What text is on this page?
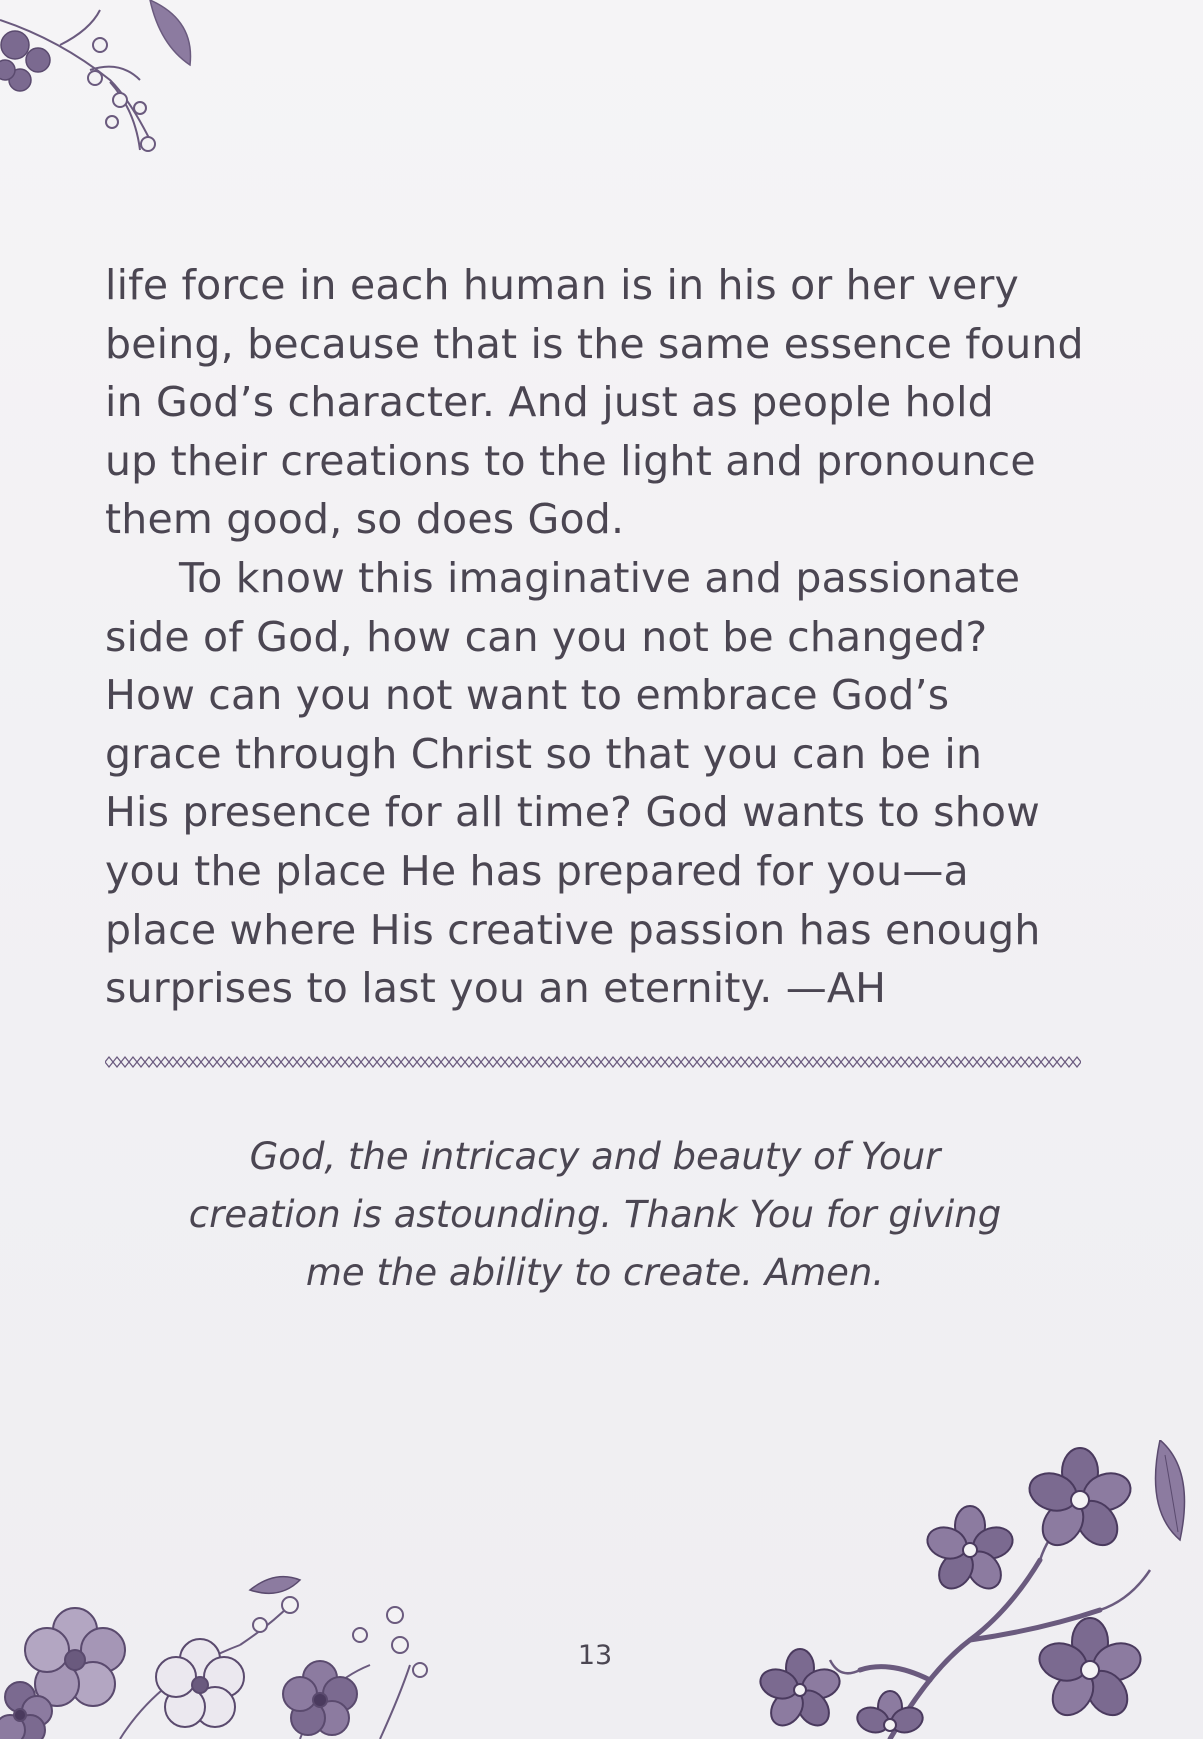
life force in each human is in his or her very
being, because that is the same essence found
in God’s character. And just as people hold
up their creations to the light and pronounce
them good, so does God.
To know this imaginative and passionate
side of God, how can you not be changed?
How can you not want to embrace God’s
grace through Christ so that you can be in
His presence for all time? God wants to show
you the place He has prepared for you—a
place where His creative passion has enough
surprises to last you an eternity. —AH
God, the intricacy and beauty of Your
creation is astounding. Thank You for giving
me the ability to create. Amen.
13
